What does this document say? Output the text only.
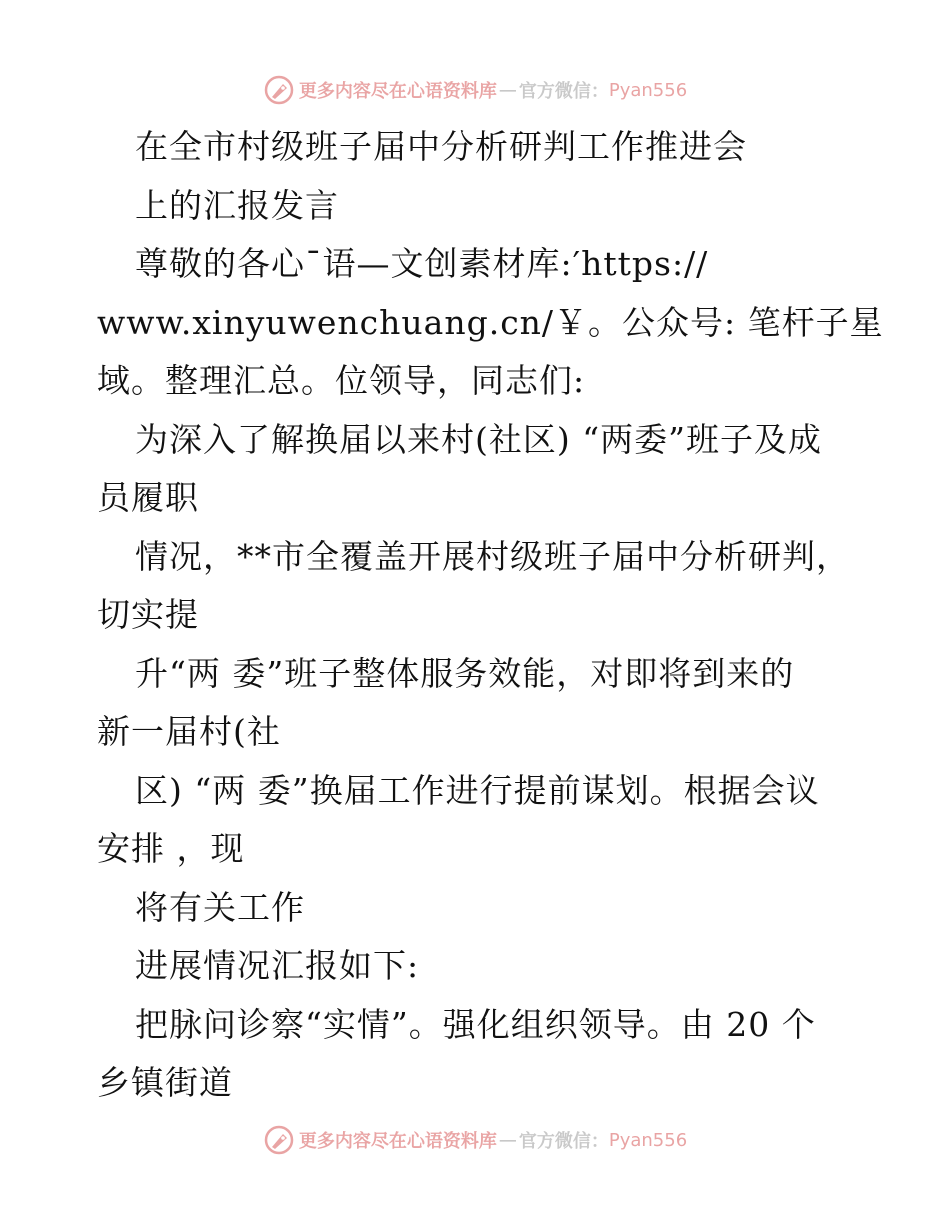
更多内容尽在心语资料库 — 官方微信： Pyan556
在全市村级班子届中分析研判工作推进会
上的汇报发言
尊敬的各心¯语—文创素材库:′https://
www.xinyuwenchuang.cn/￥。公众号: 笔杆子星
域。整理汇总。位领导，同志们:
为深入了解换届以来村(社区) “两委”班子及成
员履职
情况，**市全覆盖开展村级班子届中分析研判，
切实提
升“两 委”班子整体服务效能，对即将到来的
新一届村(社
区) “两 委”换届工作进行提前谋划。根据会议
安排 ，现
将有关工作
进展情况汇报如下:
把脉问诊察“实情”。强化组织领导。由 20 个
乡镇街道
更多内容尽在心语资料库 — 官方微信： Pyan556
